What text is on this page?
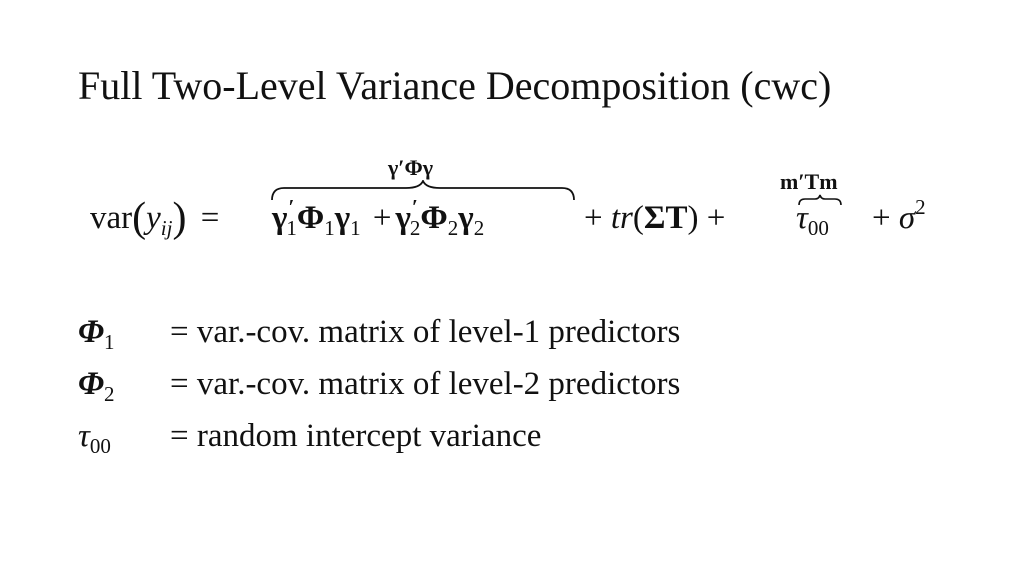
Full Two-Level Variance Decomposition (cwc)
γ′Φγ
m′Tm
$var(y_{ij}) = \gamma'_1\Phi_1\gamma_1 + \gamma'_2\Phi_2\gamma_2$	+ $tr(\Sigma T) + \tau_{00} + \sigma^2$
$\Phi_1 = var.-cov$. matrix of level-1 predictors
$\Phi_2 = var.-cov$. matrix of level-2 predictors
$\tau_{00}$ = random intercept variance
